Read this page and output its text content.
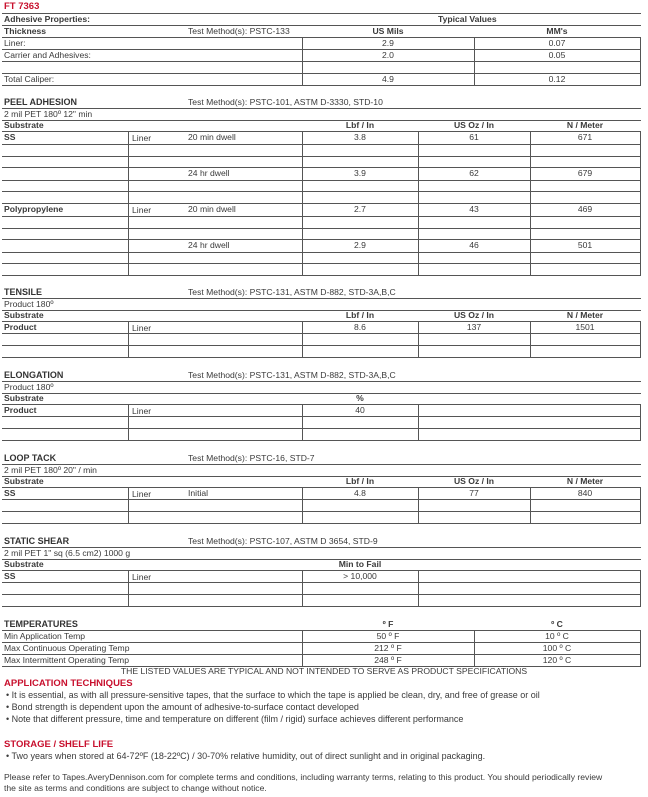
FT 7363
Adhesive Properties:	Typical Values
Thickness	Test Method(s): PSTC-133	US Mils	MM's
Liner:	2.9	0.07
Carrier and Adhesives:	2.0	0.05
Total Caliper:	4.9	0.12
PEEL ADHESION	Test Method(s): PSTC-101, ASTM D-3330, STD-10
2 mil PET 180º 12" min
Substrate	Lbf / In	US Oz / In	N / Meter
SS	Liner	20 min dwell	3.8	61	671
24 hr dwell	3.9	62	679
Polypropylene	Liner	20 min dwell	2.7	43	469
24 hr dwell	2.9	46	501
TENSILE	Test Method(s): PSTC-131, ASTM D-882, STD-3A,B,C
Product 180º
Substrate	Lbf / In	US Oz / In	N / Meter
Product	Liner	8.6	137	1501
ELONGATION	Test Method(s): PSTC-131, ASTM D-882, STD-3A,B,C
Product 180º
Substrate	%
Product	Liner	40
LOOP TACK	Test Method(s): PSTC-16, STD-7
2 mil PET 180º 20" / min
Substrate	Lbf / In	US Oz / In	N / Meter
SS	Liner	Initial	4.8	77	840
STATIC SHEAR	Test Method(s): PSTC-107, ASTM D 3654, STD-9
2 mil PET 1" sq (6.5 cm2) 1000 g
Substrate	Min to Fail
SS	Liner	> 10,000
TEMPERATURES	º F	º C
Min Application Temp	50 º F	10 º C
Max Continuous Operating Temp	212 º F	100 º C
Max Intermittent Operating Temp	248 º F	120 º C
THE LISTED VALUES ARE TYPICAL AND NOT INTENDED TO SERVE AS PRODUCT SPECIFICATIONS
APPLICATION TECHNIQUES
• It is essential, as with all pressure-sensitive tapes, that the surface to which the tape is applied be clean, dry, and free of grease or oil
• Bond strength is dependent upon the amount of adhesive-to-surface contact developed
• Note that different pressure, time and temperature on different (film / rigid) surface achieves different performance
STORAGE / SHELF LIFE
• Two years when stored at 64-72ºF (18-22ºC) / 30-70% relative humidity, out of direct sunlight and in original packaging.
Please refer to Tapes.AveryDennison.com for complete terms and conditions, including warranty terms, relating to this product. You should periodically review
the site as terms and conditions are subject to change without notice.
